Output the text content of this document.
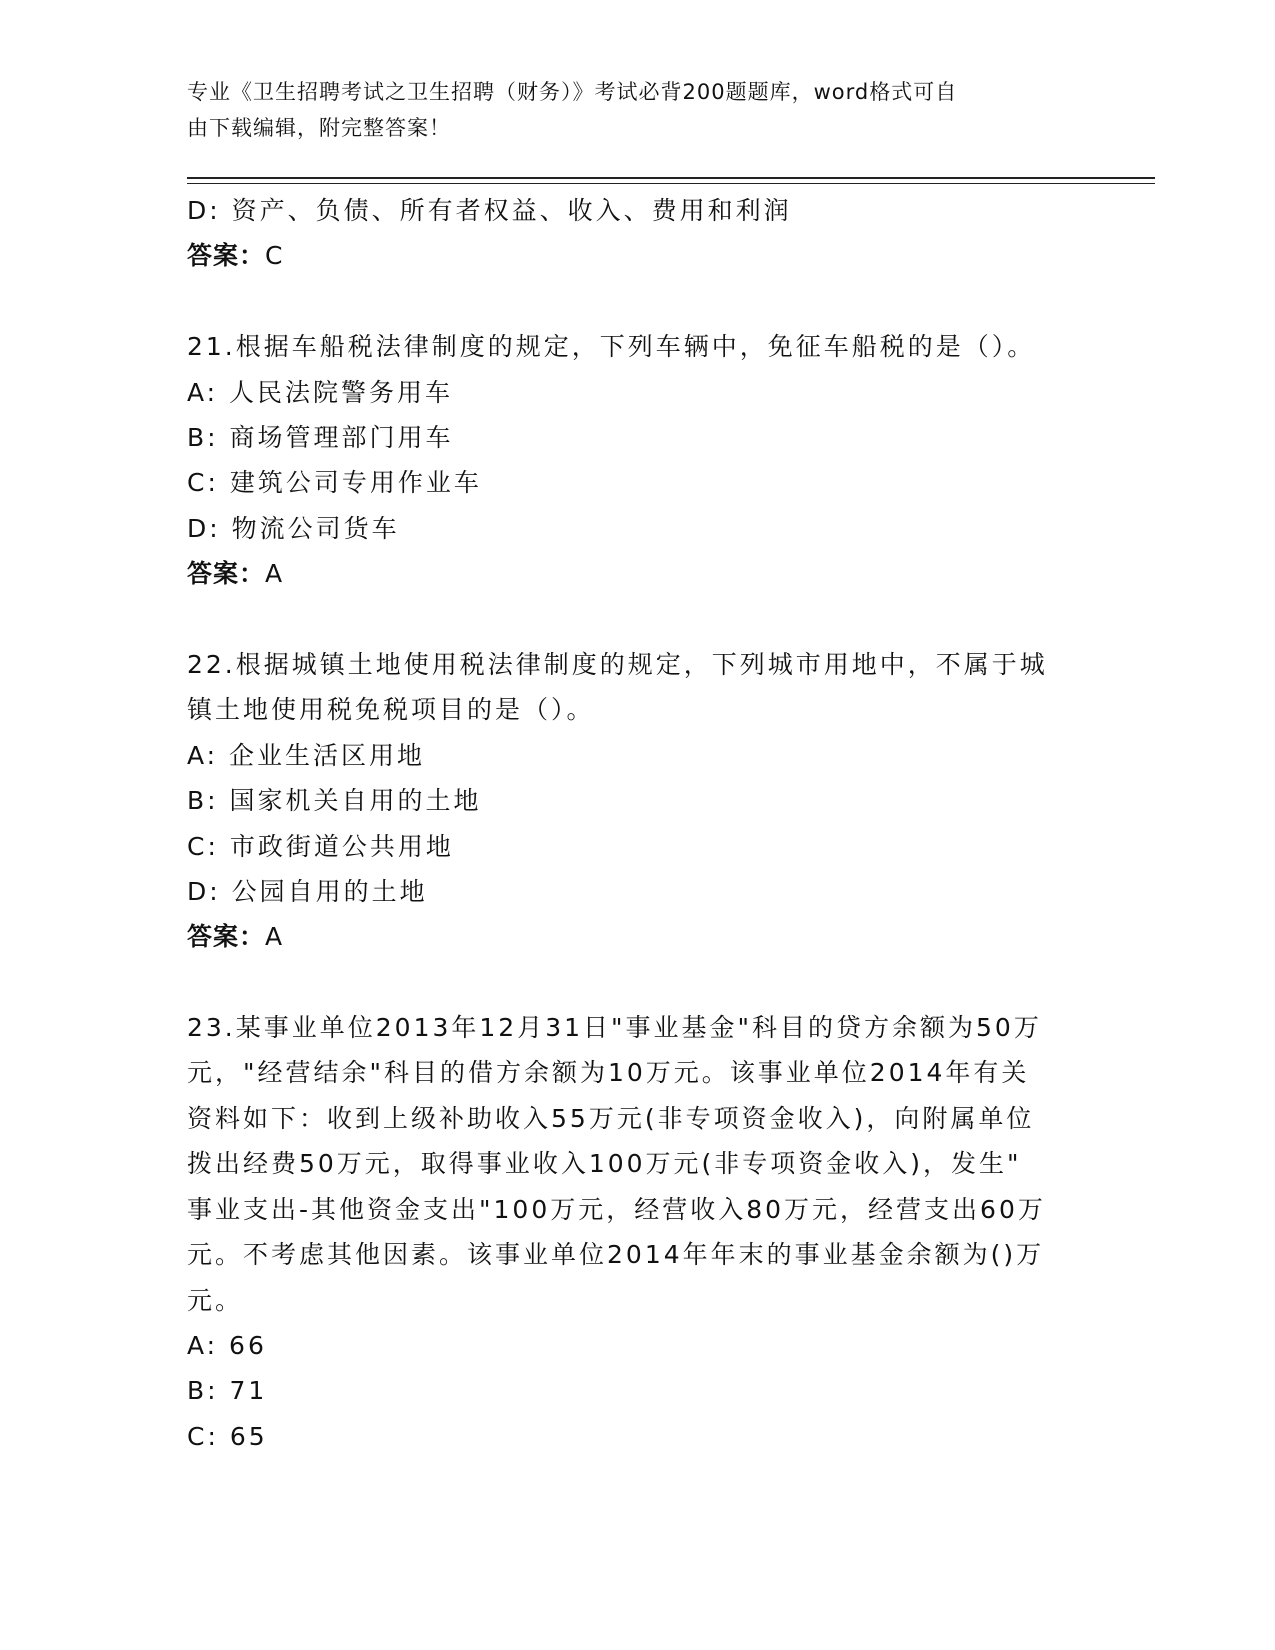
专业《卫生招聘考试之卫生招聘（财务）》考试必背200题题库，word格式可自
由下载编辑，附完整答案！
D: 资产、负债、所有者权益、收入、费用和利润
答案：C
21.根据车船税法律制度的规定，下列车辆中，免征车船税的是（）。
A: 人民法院警务用车
B: 商场管理部门用车
C: 建筑公司专用作业车
D: 物流公司货车
答案：A
22.根据城镇土地使用税法律制度的规定，下列城市用地中，不属于城
镇土地使用税免税项目的是（）。
A: 企业生活区用地
B: 国家机关自用的土地
C: 市政街道公共用地
D: 公园自用的土地
答案：A
23.某事业单位2013年12月31日"事业基金"科目的贷方余额为50万
元，"经营结余"科目的借方余额为10万元。该事业单位2014年有关
资料如下：收到上级补助收入55万元(非专项资金收入)，向附属单位
拨出经费50万元，取得事业收入100万元(非专项资金收入)，发生"
事业支出-其他资金支出"100万元，经营收入80万元，经营支出60万
元。不考虑其他因素。该事业单位2014年年末的事业基金余额为()万
元。
A: 66
B: 71
C: 65
